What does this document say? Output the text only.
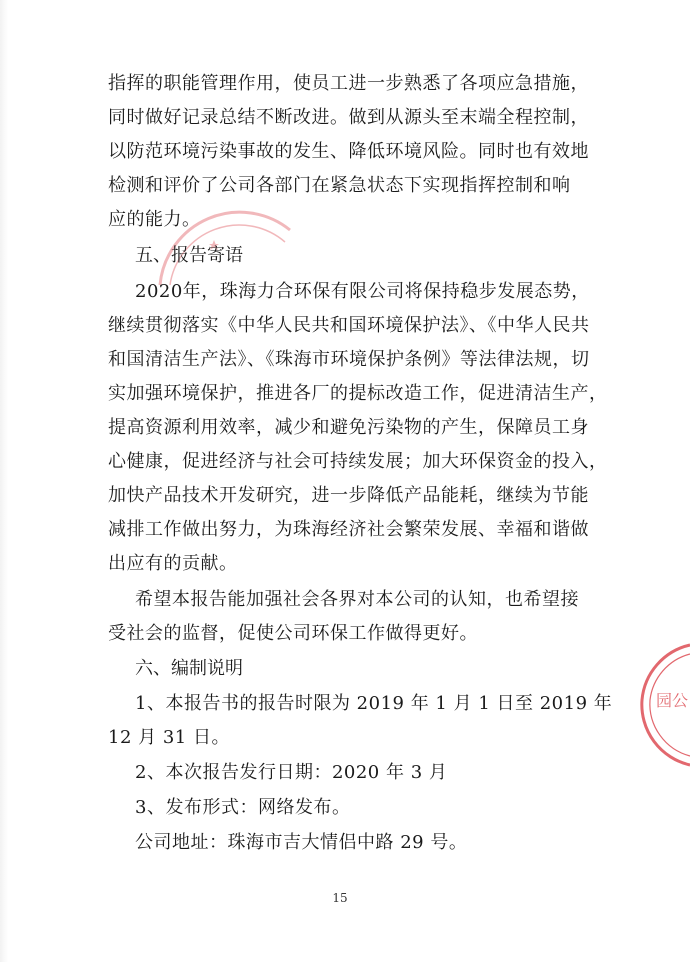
园公
指挥的职能管理作用，使员工进一步熟悉了各项应急措施，
同时做好记录总结不断改进。做到从源头至末端全程控制，
以防范环境污染事故的发生、降低环境风险。同时也有效地
检测和评价了公司各部门在紧急状态下实现指挥控制和响
应的能力。
五、报告寄语
2020年，珠海力合环保有限公司将保持稳步发展态势，
继续贯彻落实《中华人民共和国环境保护法》、《中华人民共
和国清洁生产法》、《珠海市环境保护条例》等法律法规，切
实加强环境保护，推进各厂的提标改造工作，促进清洁生产，
提高资源利用效率，减少和避免污染物的产生，保障员工身
心健康，促进经济与社会可持续发展；加大环保资金的投入，
加快产品技术开发研究，进一步降低产品能耗，继续为节能
减排工作做出努力，为珠海经济社会繁荣发展、幸福和谐做
出应有的贡献。
希望本报告能加强社会各界对本公司的认知，也希望接
受社会的监督，促使公司环保工作做得更好。
六、编制说明
1、本报告书的报告时限为 2019 年 1 月 1 日至 2019 年
12 月 31 日。
2、本次报告发行日期：2020 年 3 月
3、发布形式：网络发布。
公司地址：珠海市吉大情侣中路 29 号。
15
